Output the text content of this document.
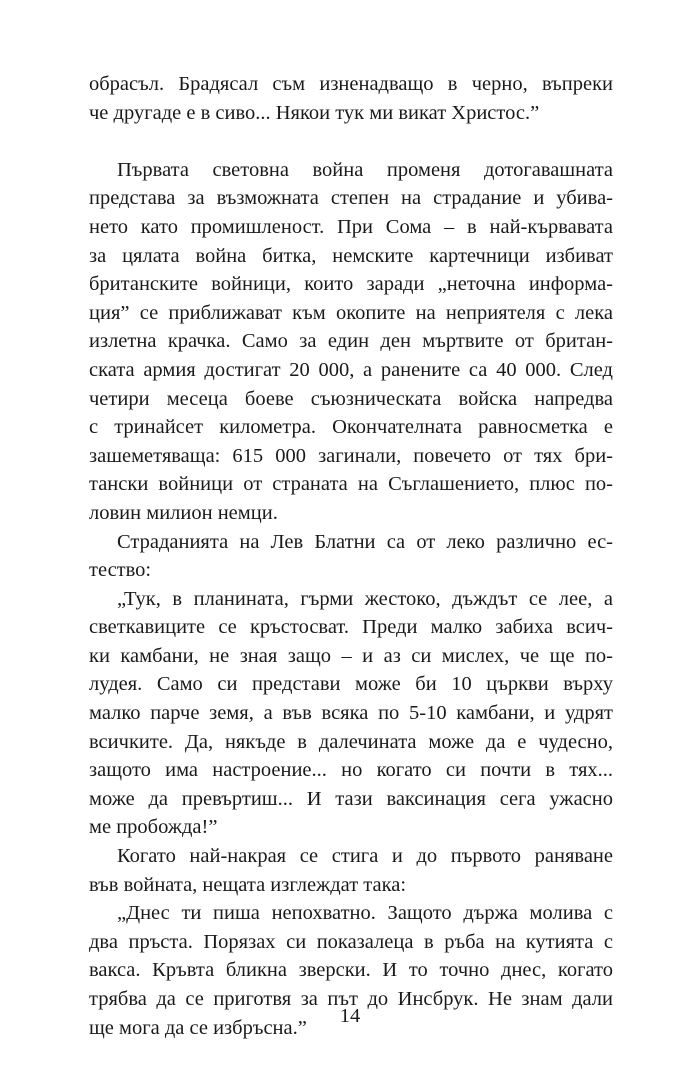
обрасъл. Брадясал съм изненадващо в черно, въпреки
че другаде е в сиво... Някои тук ми викат Христос.”
Първата световна война променя дотогавашната
представа за възможната степен на страдание и убива-
нето като промишленост. При Сома – в най-кървавата
за цялата война битка, немските картечници избиват
британските войници, които заради „неточна информа-
ция” се приближават към окопите на неприятеля с лека
излетна крачка. Само за един ден мъртвите от британ-
ската армия достигат 20 000, а ранените са 40 000. След
четири месеца боеве съюзническата войска напредва
с тринайсет километра. Окончателната равносметка е
зашеметяваща: 615 000 загинали, повечето от тях бри-
тански войници от страната на Съглашението, плюс по-
ловин милион немци.
Страданията на Лев Блатни са от леко различно ес-
тество:
„Тук, в планината, гърми жестоко, дъждът се лее, а
светкавиците се кръстосват. Преди малко забиха всич-
ки камбани, не зная защо – и аз си мислех, че ще по-
лудея. Само си представи може би 10 църкви върху
малко парче земя, а във всяка по 5-10 камбани, и удрят
всичките. Да, някъде в далечината може да е чудесно,
защото има настроение... но когато си почти в тях...
може да превъртиш... И тази ваксинация сега ужасно
ме пробожда!”
Когато най-накрая се стига и до първото раняване
във войната, нещата изглеждат така:
„Днес ти пиша непохватно. Защото държа молива с
два пръста. Порязах си показалеца в ръба на кутията с
вакса. Кръвта бликна зверски. И то точно днес, когато
трябва да се приготвя за път до Инсбрук. Не знам дали
ще мога да се избръсна.”
14
